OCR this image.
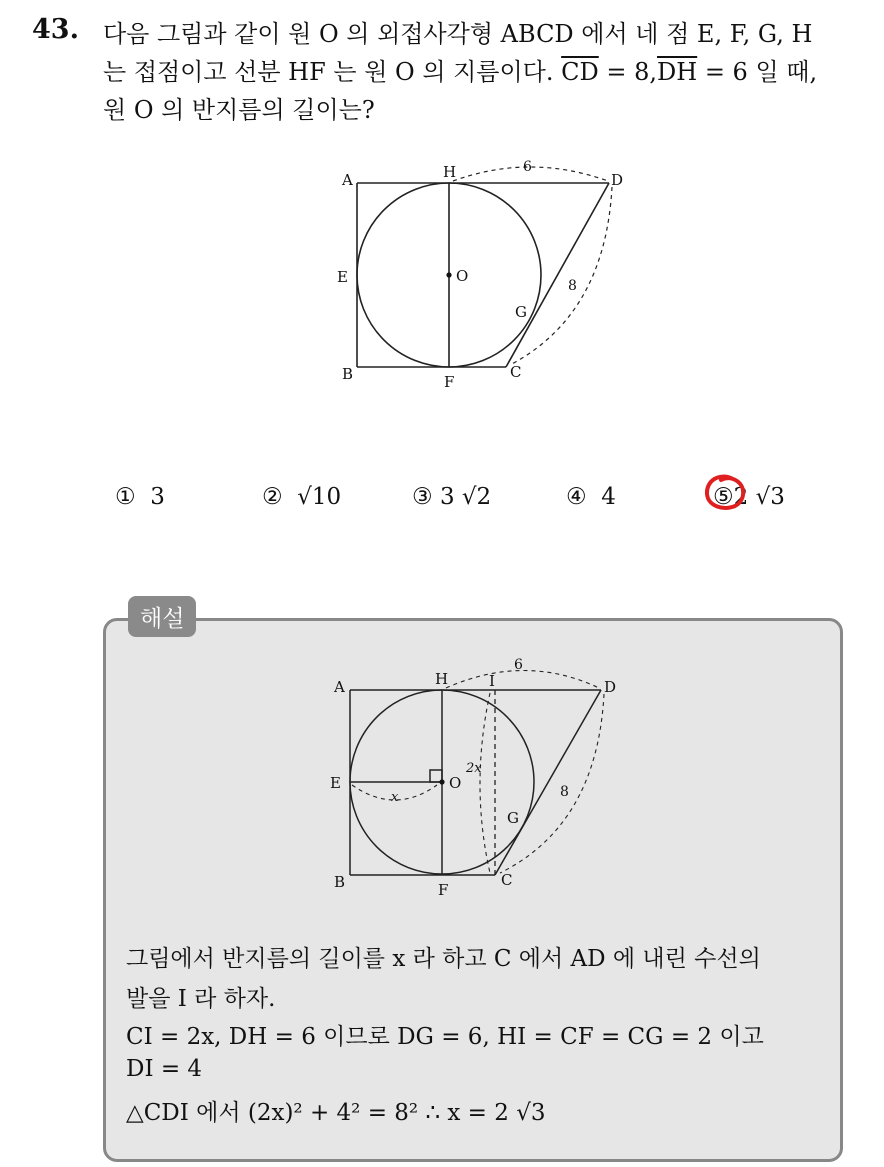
43. 다음 그림과 같이 원 O 의 외접사각형 ABCD 에서 네 점 E, F, G, H
는 접점이고 선분 HF 는 원 O 의 지름이다. $\overline{CD} = 8,\overline{DH} = 6$ 일 때,
원 O 의 반지름의 길이는?
A
B	C
D
E
F
G
H
O
6
8
① 3	② √10	③ 3 √2	④ 4	⑤2 √3
해설
A
B	C
D
E
F
G
H	I
O
6
8
2x
x
그림에서 반지름의 길이를 x 라 하고 C 에서 AD 에 내린 수선의
발을 I 라 하자.
CI = 2x, DH = 6 이므로 DG = 6, HI = CF = CG = 2 이고
DI = 4
△CDI 에서 (2x)² + 4² = 8² ∴ x = 2 √3
